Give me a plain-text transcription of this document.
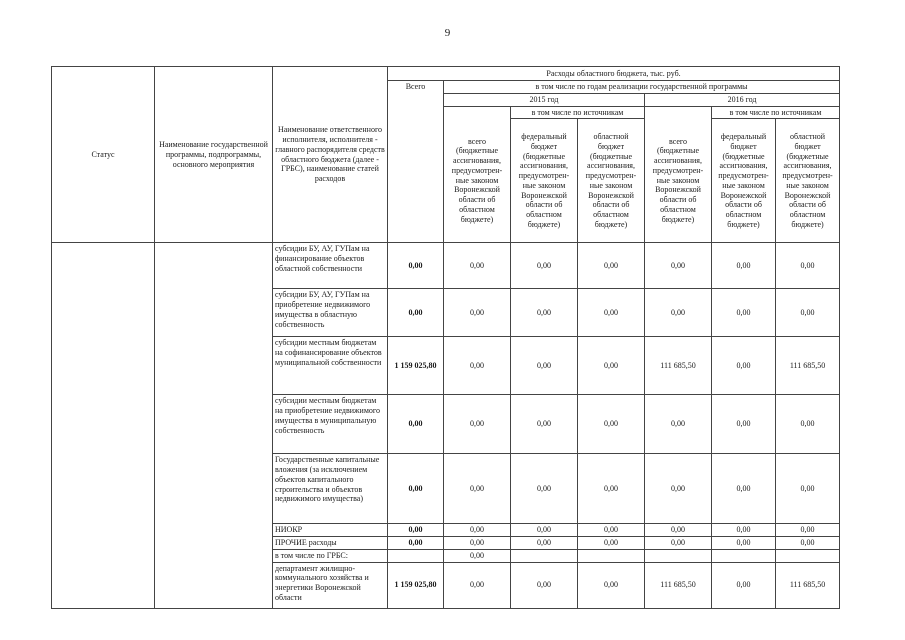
9
Статус	Наименование государственной программы, подпрограммы, основного мероприятия	Наименование ответственного исполнителя, исполнителя - главного распорядителя средств областного бюджета (далее - ГРБС), наименование статей расходов	Расходы областного бюджета, тыс. руб.						
			Всего	в том числе по годам реализации государственной программы					
				2015 год			2016 год		
					в том числе по источникам			в том числе по источникам	
				всего (бюджетные ассигнования, предусмотрен-ные законом Воронежской области об областном бюджете)	федеральный бюджет (бюджетные ассигнования, предусмотрен-ные законом Воронежской области об областном бюджете)	областной бюджет (бюджетные ассигнования, предусмотрен-ные законом Воронежской области об областном бюджете)	всего (бюджетные ассигнования, предусмотрен-ные законом Воронежской области об областном бюджете)	федеральный бюджет (бюджетные ассигнования, предусмотрен-ные законом Воронежской области об областном бюджете)	областной бюджет (бюджетные ассигнования, предусмотрен-ные законом Воронежской области об областном бюджете)
		субсидии БУ, АУ, ГУПам на финансирование объектов областной собственности	0,00	0,00	0,00	0,00	0,00	0,00	0,00
		субсидии БУ, АУ, ГУПам на приобретение недвижимого имущества в областную собственность	0,00	0,00	0,00	0,00	0,00	0,00	0,00
		субсидии местным бюджетам на софинансирование объектов муниципальной собственности	1 159 025,80	0,00	0,00	0,00	111 685,50	0,00	111 685,50
		субсидии местным бюджетам на приобретение недвижимого имущества в муниципальную собственность	0,00	0,00	0,00	0,00	0,00	0,00	0,00
		Государственные капитальные вложения (за исключением объектов капитального строительства и объектов недвижимого имущества)	0,00	0,00	0,00	0,00	0,00	0,00	0,00
		НИОКР	0,00	0,00	0,00	0,00	0,00	0,00	0,00
		ПРОЧИЕ расходы	0,00	0,00	0,00	0,00	0,00	0,00	0,00
		в том числе по ГРБС:		0,00					
		департамент жилищно-коммунального хозяйства и энергетики Воронежской области	1 159 025,80	0,00	0,00	0,00	111 685,50	0,00	111 685,50
